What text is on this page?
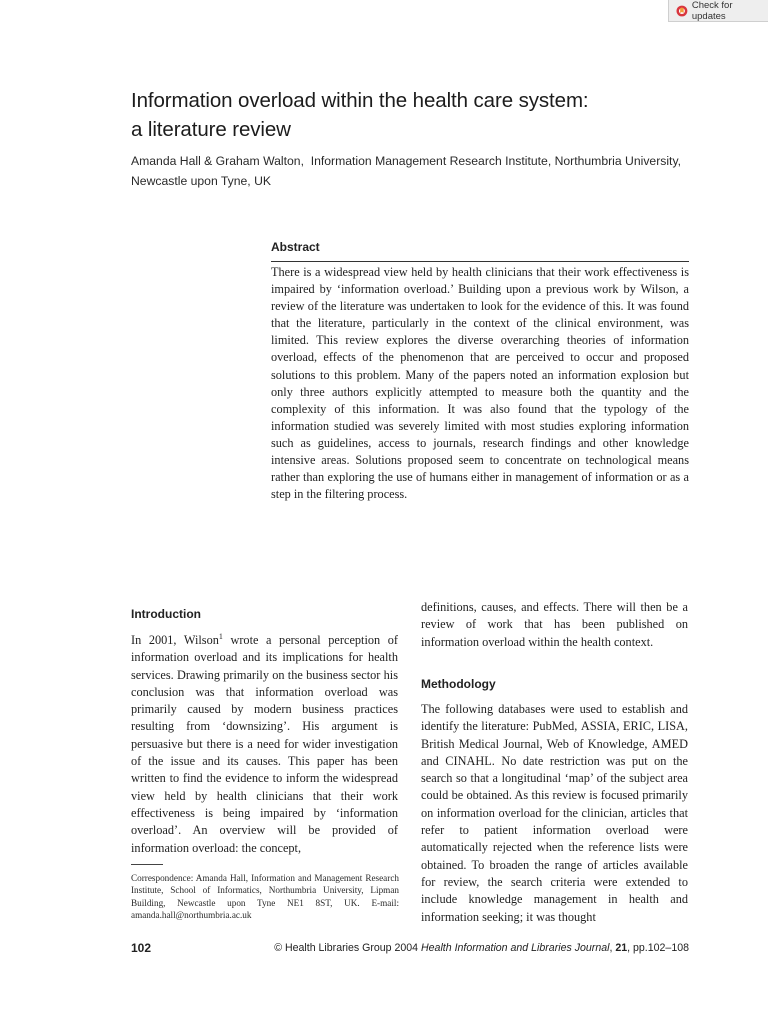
Check for updates
Information overload within the health care system:
a literature review
Amanda Hall & Graham Walton,  Information Management Research Institute, Northumbria University,
Newcastle upon Tyne, UK
Abstract

There is a widespread view held by health clinicians that their work effectiveness is impaired by ‘information overload.’ Building upon a previous work by Wilson, a review of the literature was undertaken to look for the evidence of this. It was found that the literature, particularly in the context of the clinical environment, was limited. This review explores the diverse overarching theories of information overload, effects of the phenomenon that are perceived to occur and proposed solutions to this problem. Many of the papers noted an information explosion but only three authors explicitly attempted to measure both the quantity and the complexity of this information. It was also found that the typology of the information studied was severely limited with most studies exploring information such as guidelines, access to journals, research findings and other knowledge intensive areas. Solutions proposed seem to concentrate on technological means rather than exploring the use of humans either in management of information or as a step in the filtering process.

Introduction

In 2001, Wilson$^1$ wrote a personal perception of information overload and its implications for health services. Drawing primarily on the business sector his conclusion was that information overload was primarily caused by modern business practices resulting from ‘downsizing’. His argument is persuasive but there is a need for wider investigation of the issue and its causes. This paper has been written to find the evidence to inform the widespread view held by health clinicians that their work effectiveness is being impaired by ‘information overload’. An overview will be provided of information overload: the concept,

Correspondence: Amanda Hall, Information and Management Research Institute, School of Informatics, Northumbria University, Lipman Building, Newcastle upon Tyne NE1 8ST, UK. E-mail: amanda.hall@northumbria.ac.uk

definitions, causes, and effects. There will then be a review of work that has been published on information overload within the health context.

Methodology

The following databases were used to establish and identify the literature: PubMed, ASSIA, ERIC, LISA, British Medical Journal, Web of Knowledge, AMED and CINAHL. No date restriction was put on the search so that a longitudinal ‘map’ of the subject area could be obtained. As this review is focused primarily on information overload for the clinician, articles that refer to patient information overload were automatically rejected when the reference lists were obtained. To broaden the range of articles available for review, the search criteria were extended to include knowledge management in health and information seeking; it was thought

102	© Health Libraries Group 2004 Health Information and Libraries Journal, 21, pp.102–108
